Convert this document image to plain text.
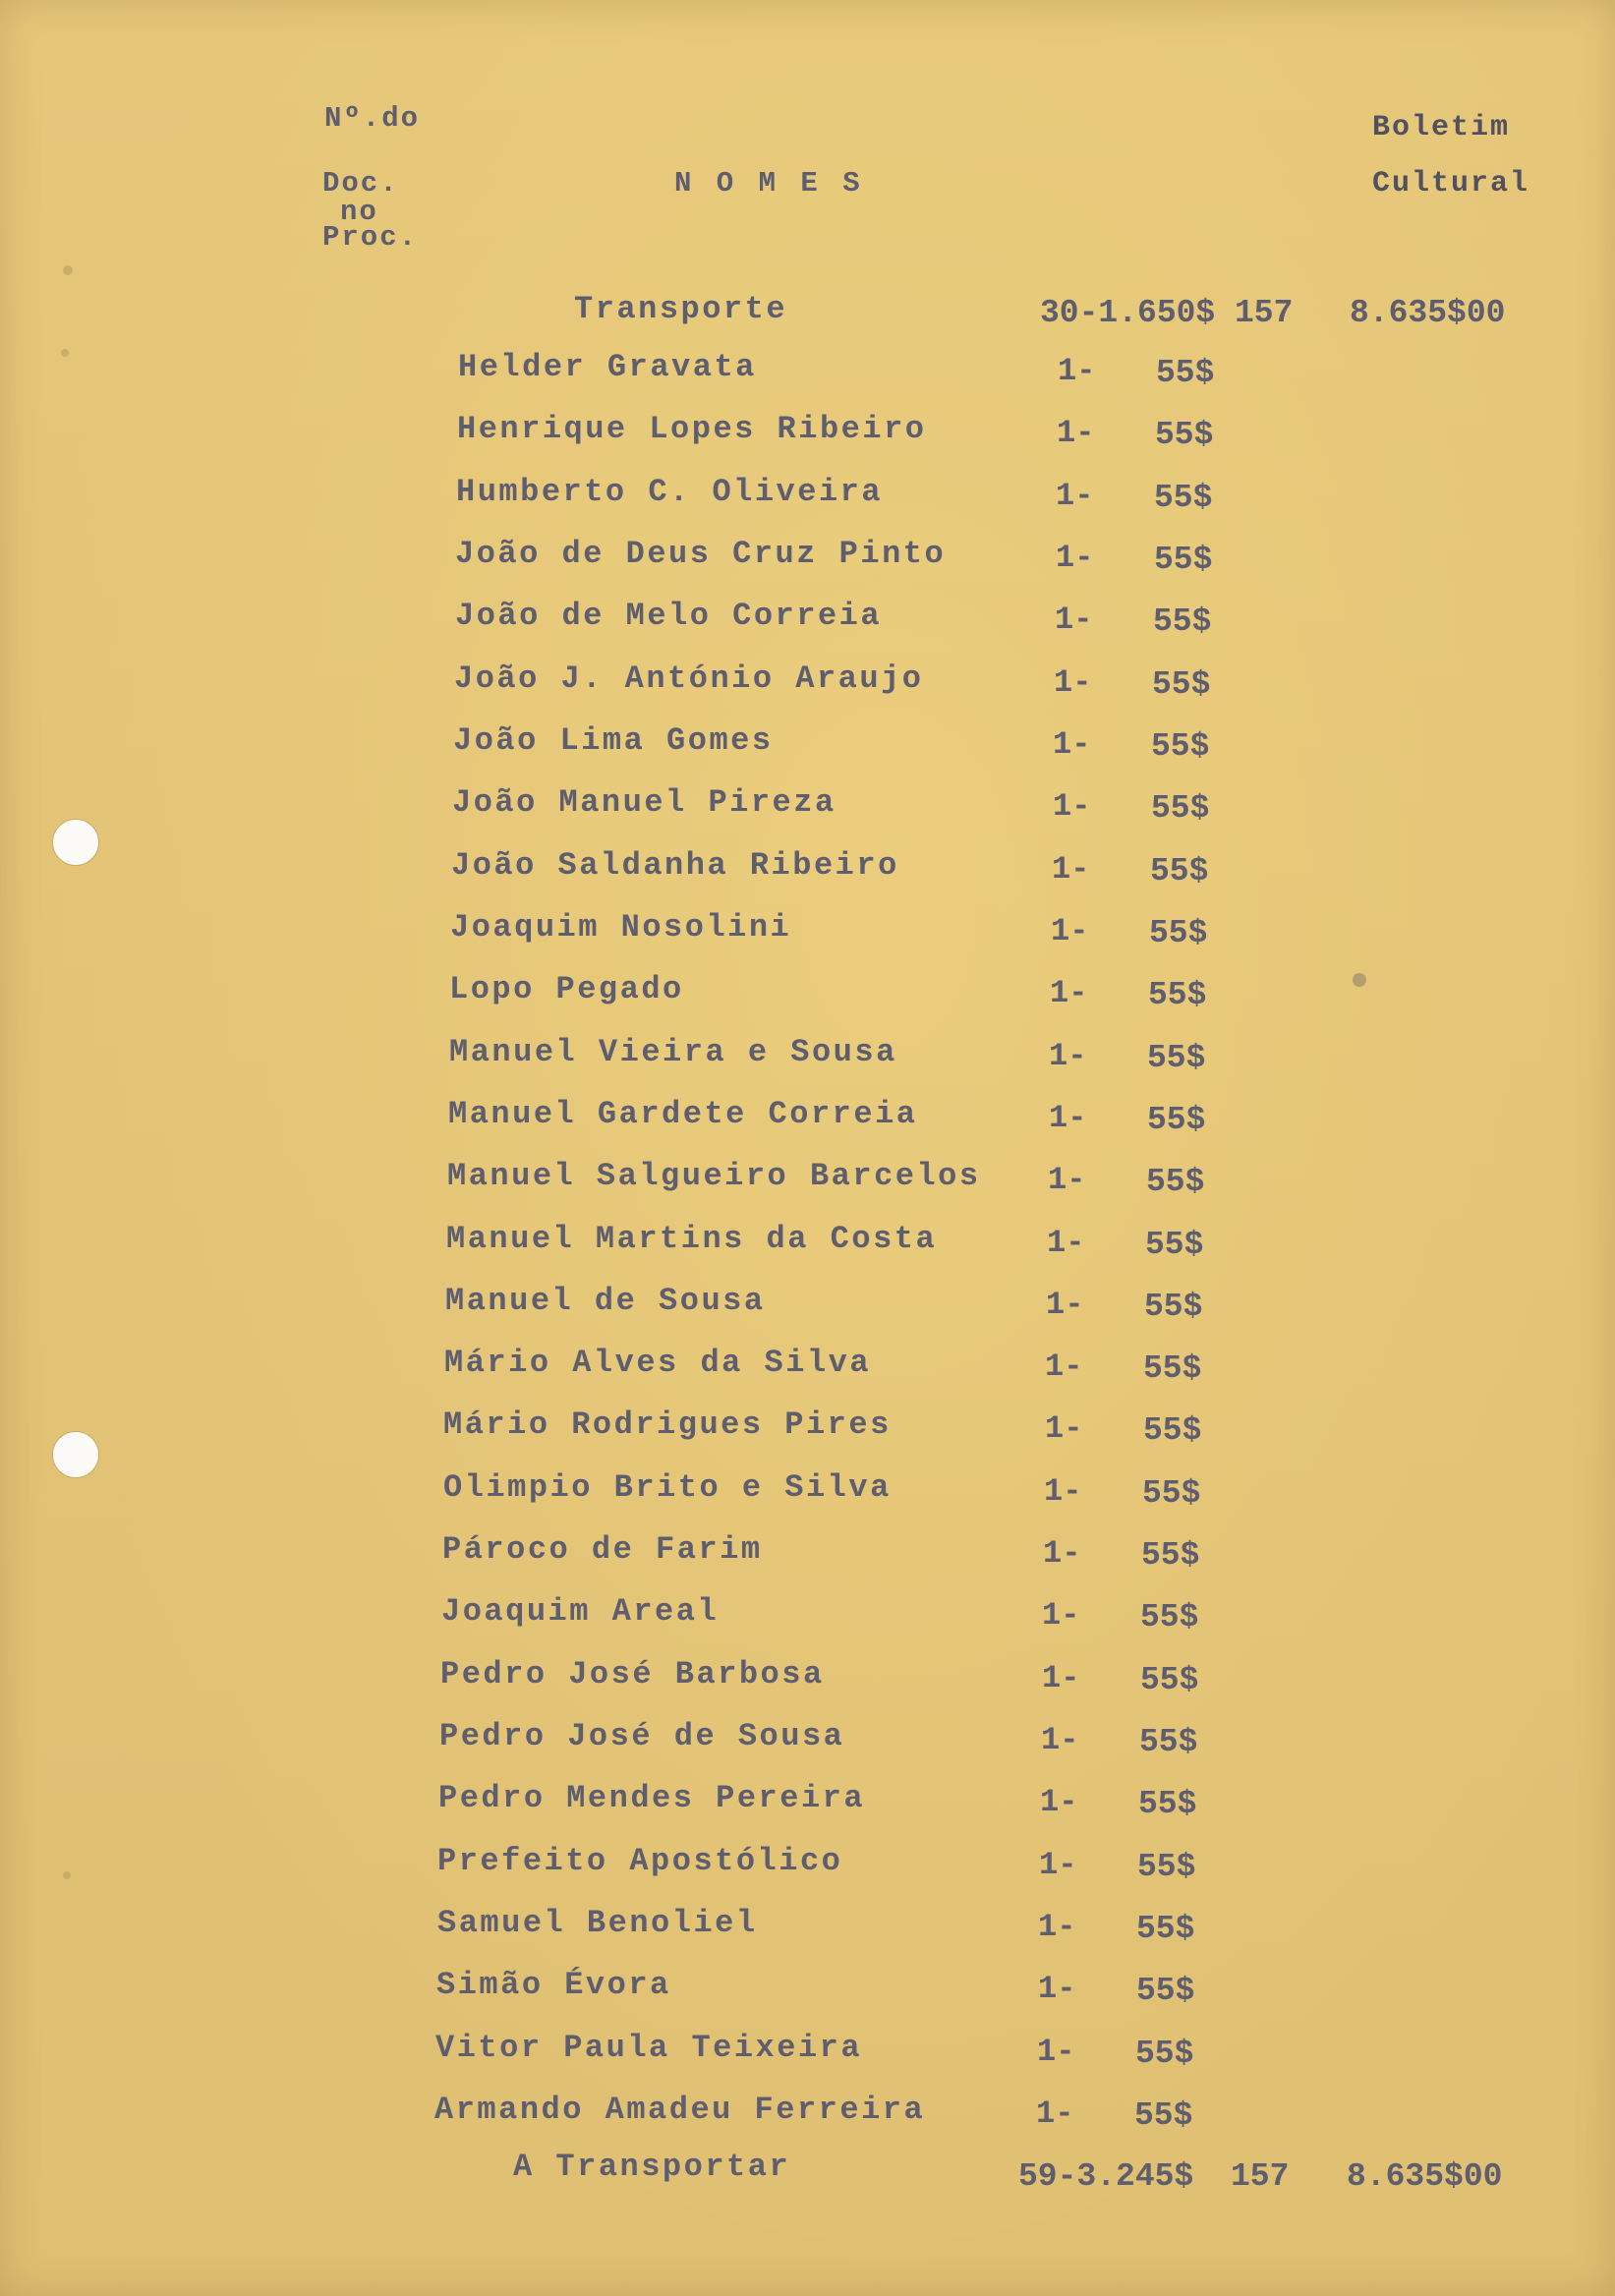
Nº.do
Doc.
no
Proc.
N O M E S
Boletim
Cultural
Transporte	30-1.650$ 157 8.635$00
Helder Gravata	1- 55$
Henrique Lopes Ribeiro	1- 55$
Humberto C. Oliveira	1- 55$
João de Deus Cruz Pinto	1- 55$
João de Melo Correia	1- 55$
João J. António Araujo	1- 55$
João Lima Gomes	1- 55$
João Manuel Pireza	1- 55$
João Saldanha Ribeiro	1- 55$
Joaquim Nosolini	1- 55$
Lopo Pegado	1- 55$
Manuel Vieira e Sousa	1- 55$
Manuel Gardete Correia	1- 55$
Manuel Salgueiro Barcelos 1- 55$
Manuel Martins da Costa	1- 55$
Manuel de Sousa	1- 55$
Mário Alves da Silva	1- 55$
Mário Rodrigues Pires	1- 55$
Olimpio Brito e Silva	1- 55$
Pároco de Farim	1- 55$
Joaquim Areal	1- 55$
Pedro José Barbosa	1- 55$
Pedro José de Sousa	1- 55$
Pedro Mendes Pereira	1- 55$
Prefeito Apostólico	1- 55$
Samuel Benoliel	1- 55$
Simão Évora	1- 55$
Vitor Paula Teixeira	1- 55$
Armando Amadeu Ferreira	1- 55$
A Transportar	59-3.245$ 157 8.635$00
